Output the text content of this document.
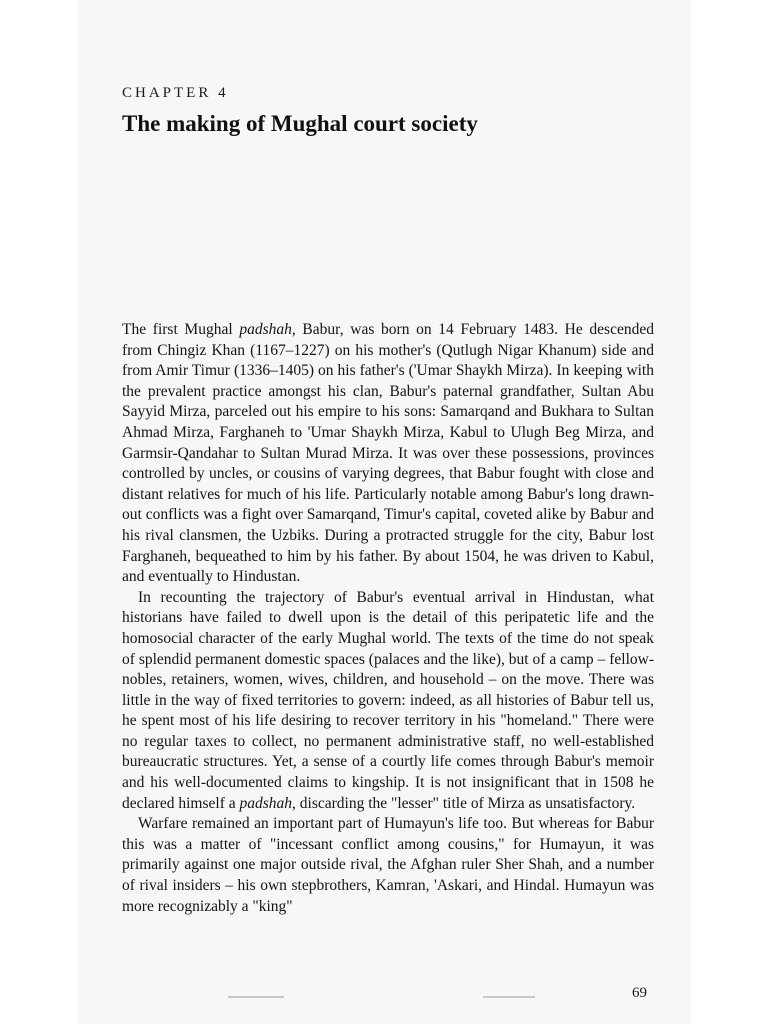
CHAPTER 4
The making of Mughal court society

The first Mughal padshah, Babur, was born on 14 February 1483. He descended from Chingiz Khan (1167–1227) on his mother's (Qutlugh Nigar Khanum) side and from Amir Timur (1336–1405) on his father's ('Umar Shaykh Mirza). In keeping with the prevalent practice amongst his clan, Babur's paternal grandfather, Sultan Abu Sayyid Mirza, parceled out his empire to his sons: Samarqand and Bukhara to Sultan Ahmad Mirza, Farghaneh to 'Umar Shaykh Mirza, Kabul to Ulugh Beg Mirza, and Garmsir-Qandahar to Sultan Murad Mirza. It was over these possessions, provinces controlled by uncles, or cousins of varying degrees, that Babur fought with close and distant relatives for much of his life. Particularly notable among Babur's long drawn-out conflicts was a fight over Samarqand, Timur's capital, coveted alike by Babur and his rival clansmen, the Uzbiks. During a protracted struggle for the city, Babur lost Farghaneh, bequeathed to him by his father. By about 1504, he was driven to Kabul, and eventually to Hindustan.

In recounting the trajectory of Babur's eventual arrival in Hindustan, what historians have failed to dwell upon is the detail of this peripatetic life and the homosocial character of the early Mughal world. The texts of the time do not speak of splendid permanent domestic spaces (palaces and the like), but of a camp – fellow-nobles, retainers, women, wives, children, and household – on the move. There was little in the way of fixed territories to govern: indeed, as all histories of Babur tell us, he spent most of his life desiring to recover territory in his "homeland." There were no regular taxes to collect, no permanent administrative staff, no well-established bureaucratic structures. Yet, a sense of a courtly life comes through Babur's memoir and his well-documented claims to kingship. It is not insignificant that in 1508 he declared himself a padshah, discarding the "lesser" title of Mirza as unsatisfactory.

Warfare remained an important part of Humayun's life too. But whereas for Babur this was a matter of "incessant conflict among cousins," for Humayun, it was primarily against one major outside rival, the Afghan ruler Sher Shah, and a number of rival insiders – his own stepbrothers, Kamran, 'Askari, and Hindal. Humayun was more recognizably a "king"

69
